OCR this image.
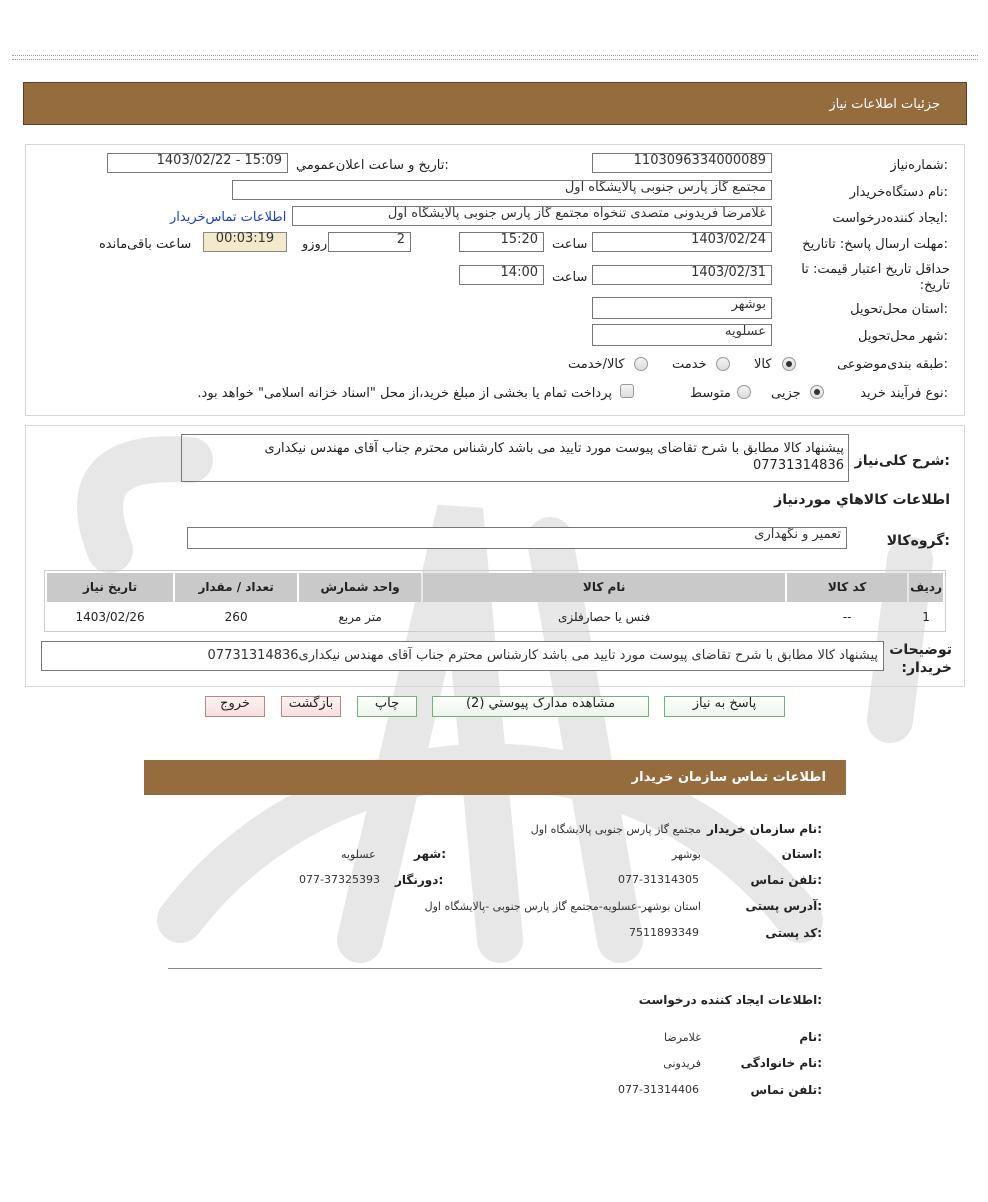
جزئیات اطلاعات نیاز
شماره‌نیاز:
1103096334000089
تاریخ و ساعت اعلان‌عمومي:
1403/02/22 - 15:09
نام دستگاه‌خریدار:
مجتمع گاز پارس جنوبی پالایشگاه اول
ایجاد کننده‌درخواست:
غلامرضا فریدونی متصدی تنخواه مجتمع گاز پارس جنوبی پالایشگاه اول
اطلاعات تماس‌خریدار
مهلت ارسال پاسخ: تاتاریخ:
1403/02/24
ساعت
15:20
2
روزو
00:03:19
ساعت باقی‌مانده
حداقل تاریخ اعتبار قیمت: تا تاریخ:
1403/02/31
ساعت
14:00
استان محل‌تحویل:
بوشهر
شهر محل‌تحویل:
عسلویه
طبقه بندی‌موضوعی:
کالا
خدمت
کالا/خدمت
نوع فرآیند خرید:
جزیی
متوسط
پرداخت تمام یا بخشی از مبلغ خرید،از محل "اسناد خزانه اسلامی" خواهد بود.
شرح کلی‌نیاز:
پیشنهاد کالا مطابق با شرح تقاضای پیوست مورد تایید می باشد کارشناس محترم جناب آقای مهندس نیکداری
07731314836
اطلاعات کالاهاي موردنیاز
گروه‌کالا:
تعمیر و نگهداری
ردیف	کد کالا	نام کالا	واحد شمارش	تعداد / مقدار	تاریخ نیاز
1	--	فنس یا حصارفلزی	متر مربع	260	1403/02/26
توضیحات خریدار:
پیشنهاد کالا مطابق با شرح تقاضای پیوست مورد تایید می باشد کارشناس محترم جناب آقای مهندس نیکداری07731314836
پاسخ به نیاز
مشاهده مدارک پیوستي (2)
چاپ
بازگشت
خروج
اطلاعات تماس سازمان خریدار
نام سازمان خریدار:
مجتمع گاز پارس جنوبی پالایشگاه اول
استان:
بوشهر
شهر:
عسلویه
تلفن تماس:
077-31314305
دورنگار:
077-37325393
آدرس پستی:
استان بوشهر-عسلویه-مجتمع گاز پارس جنوبی -پالایشگاه اول
کد پستی:
7511893349
اطلاعات ایجاد کننده درخواست:
نام:
غلامرضا
نام خانوادگی:
فریدونی
تلفن تماس:
077-31314406
